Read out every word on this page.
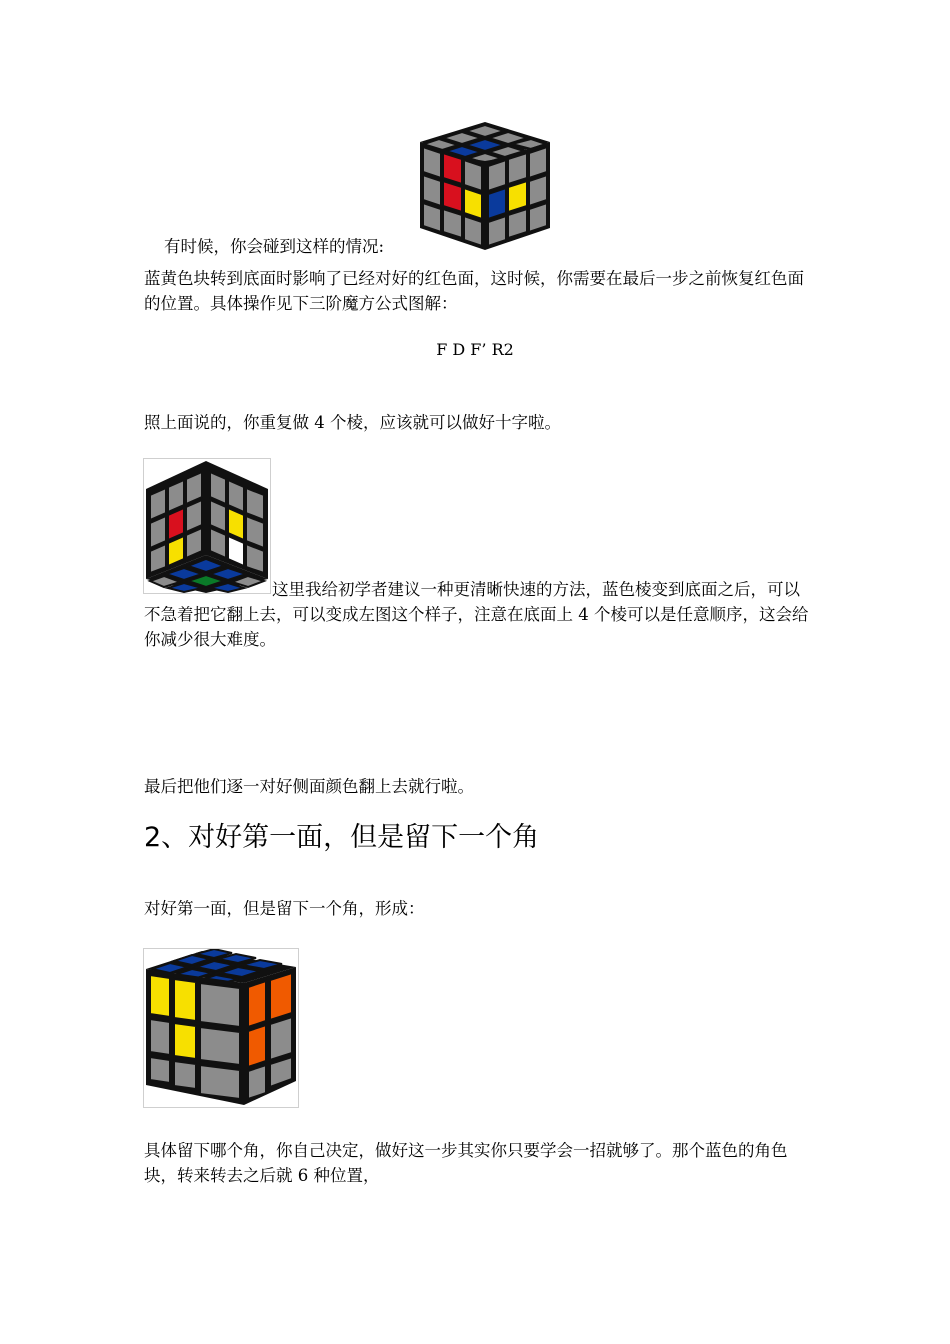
有时候，你会碰到这样的情况:

蓝黄色块转到底面时影响了已经对好的红色面，这时候，你需要在最后一步之前恢复红色面的位置。具体操作见下三阶魔方公式图解：

F D F’ R2

照上面说的，你重复做 4 个棱，应该就可以做好十字啦。

这里我给初学者建议一种更清晰快速的方法，蓝色棱变到底面之后，可以不急着把它翻上去，可以变成左图这个样子，注意在底面上 4 个棱可以是任意顺序，这会给你减少很大难度。

最后把他们逐一对好侧面颜色翻上去就行啦。

2、对好第一面，但是留下一个角

对好第一面，但是留下一个角，形成：

具体留下哪个角，你自己决定，做好这一步其实你只要学会一招就够了。那个蓝色的角色块，转来转去之后就 6 种位置，
